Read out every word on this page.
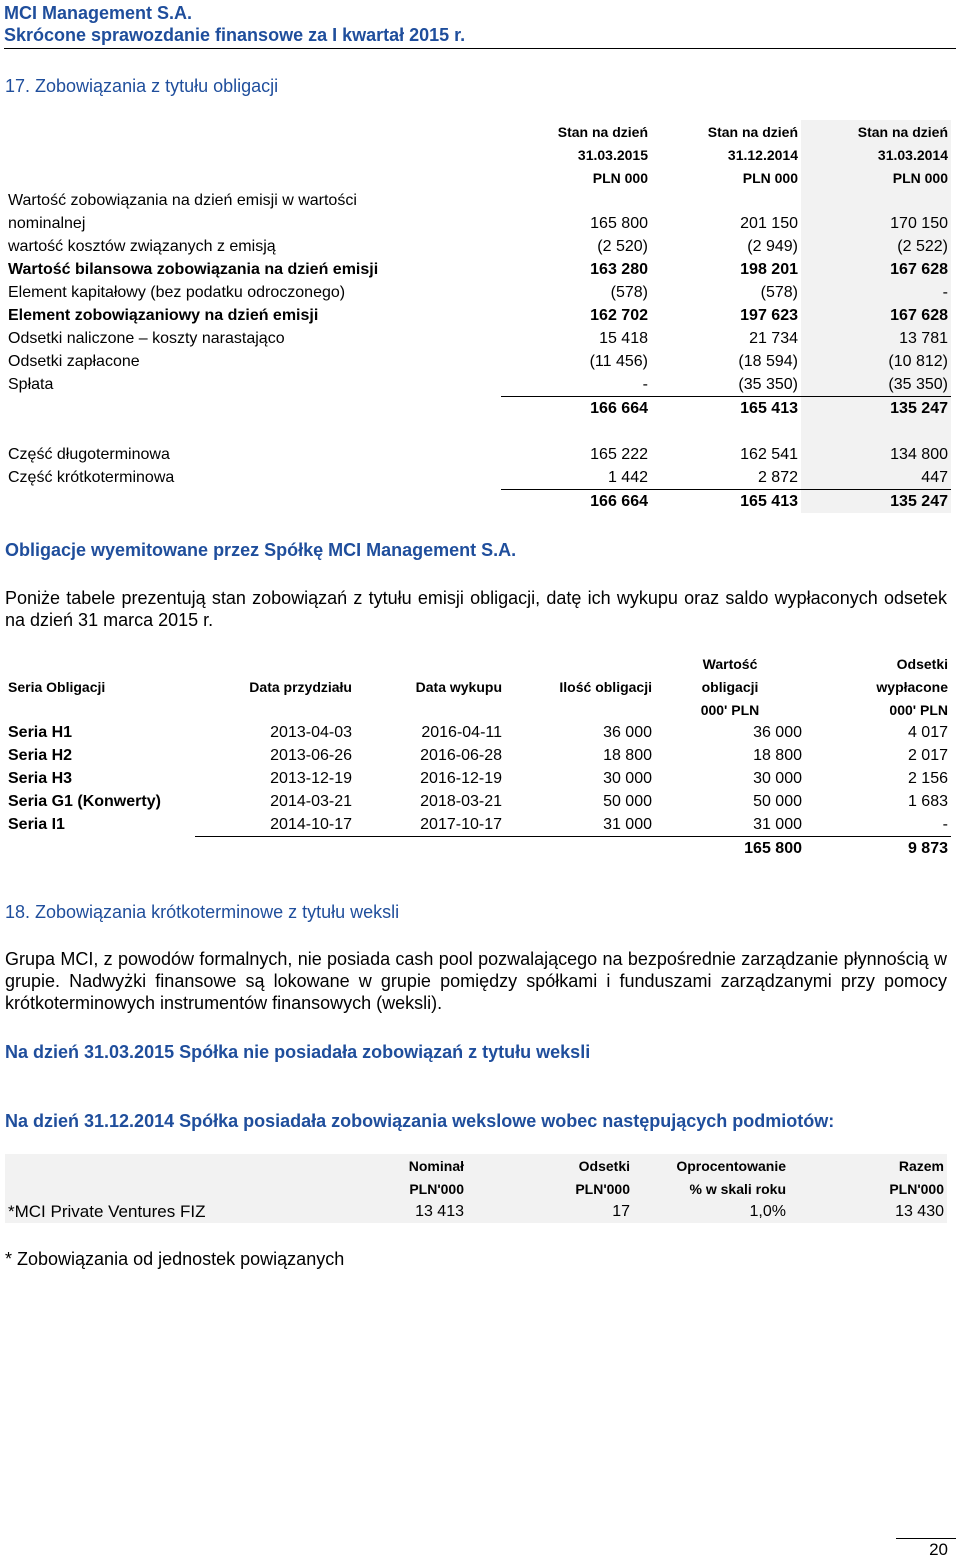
MCI Management S.A.
Skrócone sprawozdanie finansowe za I kwartał 2015 r.
17. Zobowiązania z tytułu obligacji
	Stan na dzień	Stan na dzień	Stan na dzień
	31.03.2015	31.12.2014	31.03.2014
	PLN 000	PLN 000	PLN 000
Wartość zobowiązania na dzień emisji w wartości			
nominalnej	165 800	201 150	170 150
wartość kosztów związanych z emisją	(2 520)	(2 949)	(2 522)
Wartość bilansowa zobowiązania na dzień emisji	163 280	198 201	167 628
Element kapitałowy (bez podatku odroczonego)	(578)	(578)	-
Element zobowiązaniowy na dzień emisji	162 702	197 623	167 628
Odsetki naliczone – koszty narastająco	15 418	21 734	13 781
Odsetki zapłacone	(11 456)	(18 594)	(10 812)
Spłata	-	(35 350)	(35 350)
	166 664	165 413	135 247

Część długoterminowa	165 222	162 541	134 800
Część krótkoterminowa	1 442	2 872	447
	166 664	165 413	135 247
Obligacje wyemitowane przez Spółkę MCI Management S.A.
Poniże tabele prezentują stan zobowiązań z tytułu emisji obligacji, datę ich wykupu oraz saldo wypłaconych odsetek na dzień 31 marca 2015 r.
Seria Obligacji	Data przydziału	Data wykupu	Ilość obligacji	Wartość	Odsetki
				obligacji	wypłacone
				000' PLN	000' PLN
Seria H1	2013-04-03	2016-04-11	36 000	36 000	4 017
Seria H2	2013-06-26	2016-06-28	18 800	18 800	2 017
Seria H3	2013-12-19	2016-12-19	30 000	30 000	2 156
Seria G1 (Konwerty)	2014-03-21	2018-03-21	50 000	50 000	1 683
Seria I1	2014-10-17	2017-10-17	31 000	31 000	-
				165 800	9 873
18. Zobowiązania krótkoterminowe z tytułu weksli
Grupa MCI, z powodów formalnych, nie posiada cash pool pozwalającego na bezpośrednie zarządzanie płynnością w grupie. Nadwyżki finansowe są lokowane w grupie pomiędzy spółkami i funduszami zarządzanymi przy pomocy krótkoterminowych instrumentów finansowych (weksli).
Na dzień 31.03.2015 Spółka nie posiadała zobowiązań z tytułu weksli
Na dzień 31.12.2014 Spółka posiadała zobowiązania wekslowe wobec następujących podmiotów:
	Nominał	Odsetki	Oprocentowanie	Razem
	PLN'000	PLN'000	% w skali roku	PLN'000
*MCI Private Ventures FIZ	13 413	17	1,0%	13 430
* Zobowiązania od jednostek powiązanych
20
